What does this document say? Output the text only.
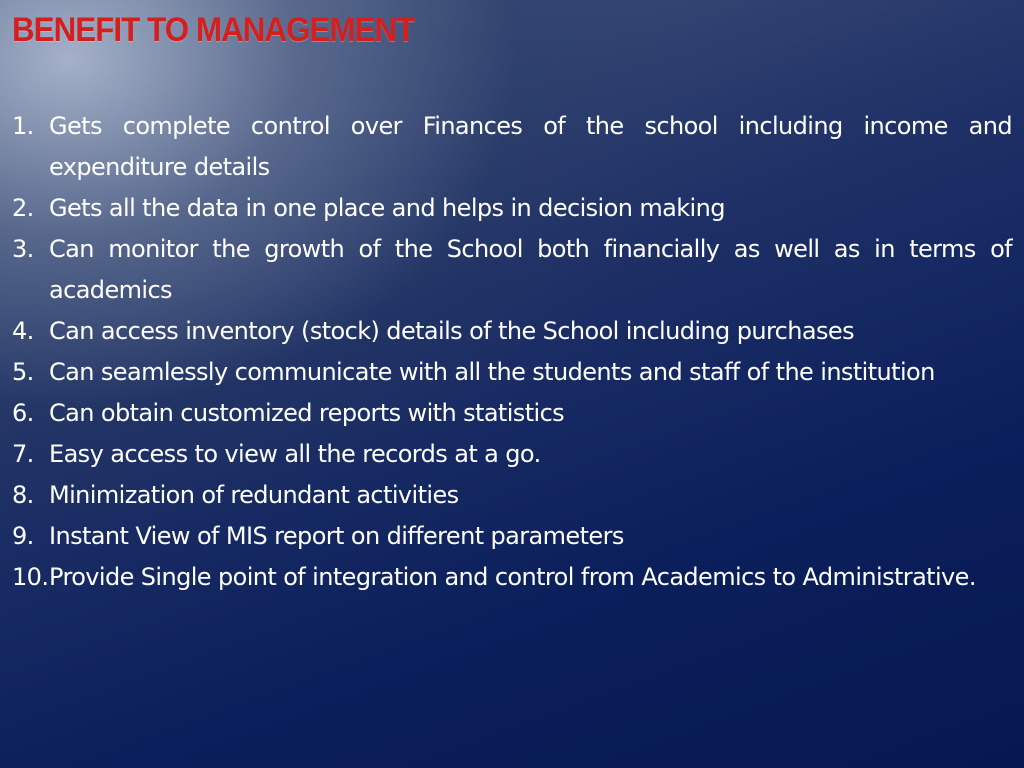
BENEFIT TO MANAGEMENT
1. Gets complete control over Finances of the school including income and expenditure details
2. Gets all the data in one place and helps in decision making
3. Can monitor the growth of the School both financially as well as in terms of academics
4. Can access inventory (stock) details of the School including purchases
5. Can seamlessly communicate with all the students and staff of the institution
6. Can obtain customized reports with statistics
7. Easy access to view all the records at a go.
8. Minimization of redundant activities
9. Instant View of MIS report on different parameters
10. Provide Single point of integration and control from Academics to Administrative.
